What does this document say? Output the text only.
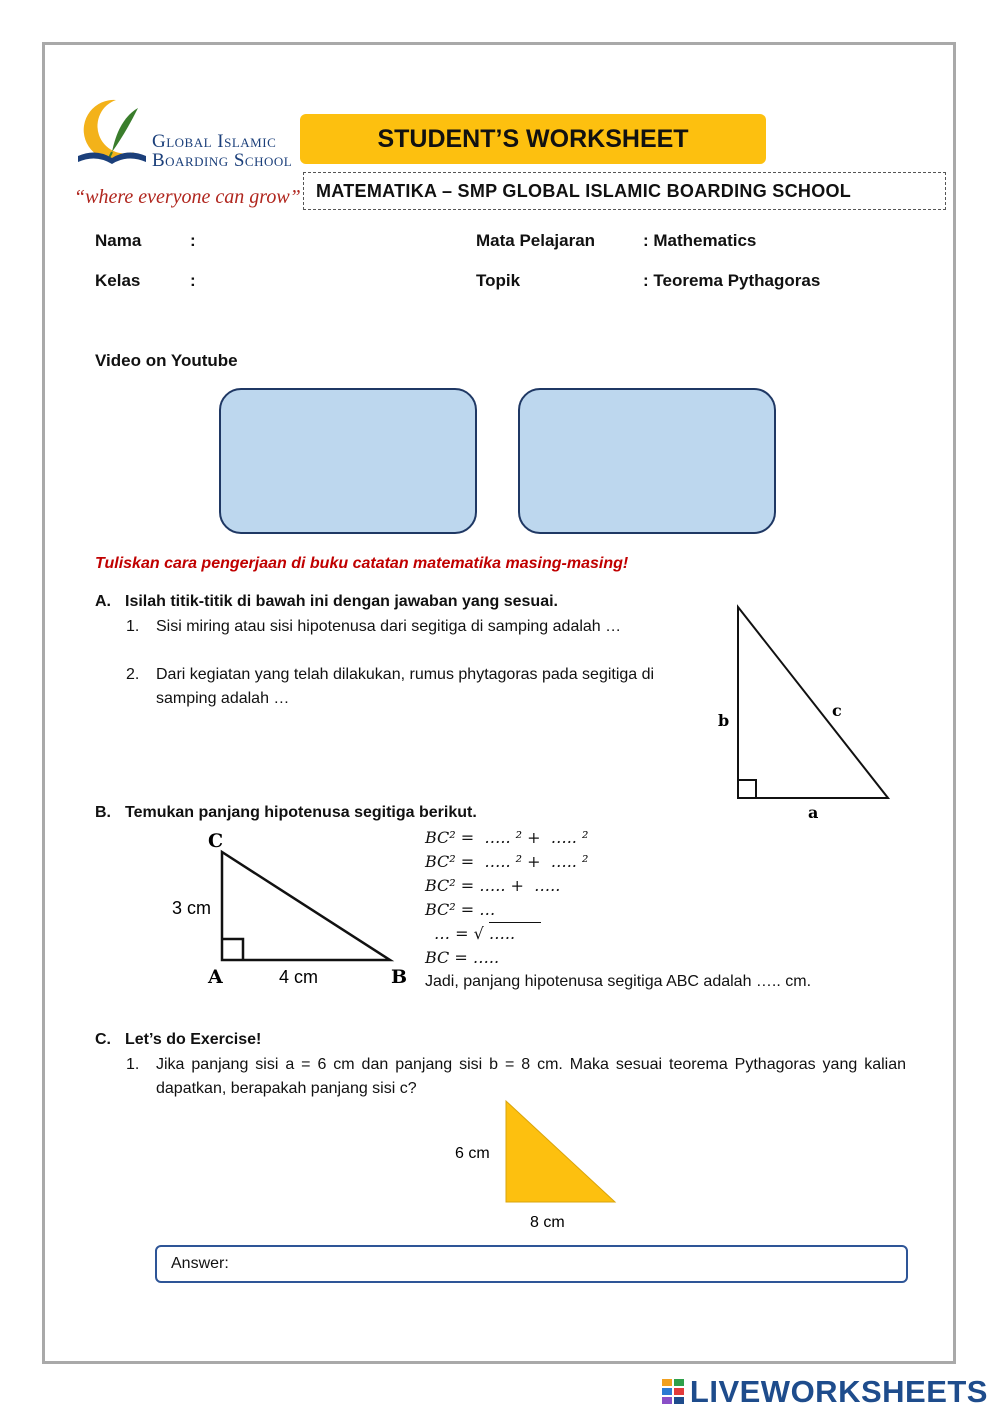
Global Islamic
Boarding School
“where everyone can grow”
STUDENT’S WORKSHEET
MATEMATIKA – SMP GLOBAL ISLAMIC BOARDING SCHOOL
Nama	:
Kelas	:
Mata Pelajaran	: Mathematics
Topik	: Teorema Pythagoras
Video on Youtube
Tuliskan cara pengerjaan di buku catatan matematika masing-masing!
A. Isilah titik-titik di bawah ini dengan jawaban yang sesuai.
1. Sisi miring atau sisi hipotenusa dari segitiga di samping adalah …
2. Dari kegiatan yang telah dilakukan, rumus phytagoras pada segitiga di
samping adalah …
b
c
a
B. Temukan panjang hipotenusa segitiga berikut.
C
A	B
3 cm
4 cm
BC² =  ….. ² +  ….. ²
BC² =  ….. ² +  ….. ²
BC² = ….. +  …..
BC² = …
… = √ …..
BC = …..
Jadi, panjang hipotenusa segitiga ABC adalah ….. cm.
C. Let’s do Exercise!
1. Jika panjang sisi a = 6 cm dan panjang sisi b = 8 cm. Maka sesuai teorema Pythagoras yang kalian
dapatkan, berapakah panjang sisi c?
6 cm
8 cm
Answer:
LIVEWORKSHEETS
